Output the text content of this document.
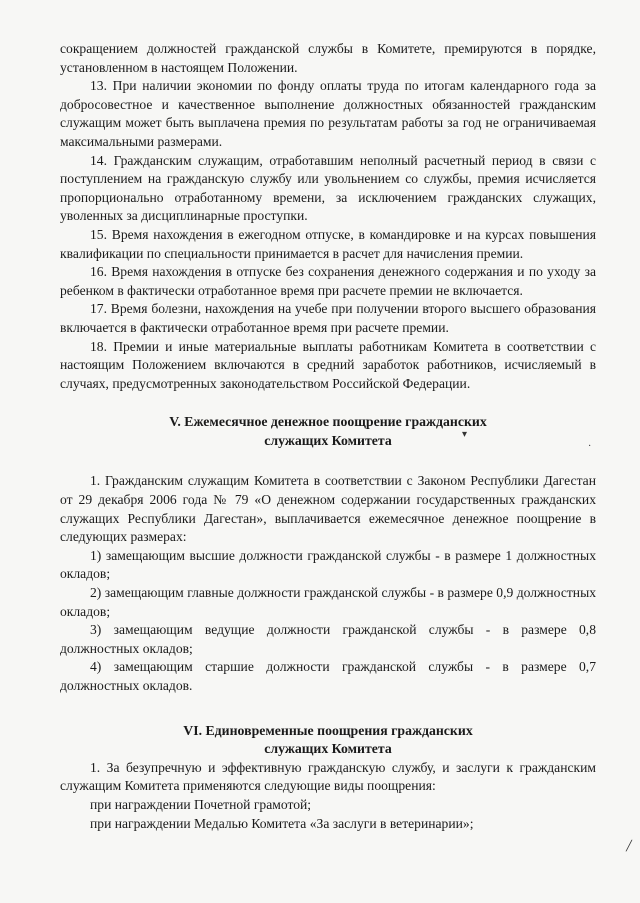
сокращением должностей гражданской службы в Комитете, премируются в порядке, установленном в настоящем Положении.

13. При наличии экономии по фонду оплаты труда по итогам календарного года за добросовестное и качественное выполнение должностных обязанностей гражданским служащим может быть выплачена премия по результатам работы за год не ограничиваемая максимальными размерами.

14. Гражданским служащим, отработавшим неполный расчетный период в связи с поступлением на гражданскую службу или увольнением со службы, премия исчисляется пропорционально отработанному времени, за исключением гражданских служащих, уволенных за дисциплинарные проступки.

15. Время нахождения в ежегодном отпуске, в командировке и на курсах повышения квалификации по специальности принимается в расчет для начисления премии.

16. Время нахождения в отпуске без сохранения денежного содержания и по уходу за ребенком в фактически отработанное время при расчете премии не включается.

17. Время болезни, нахождения на учебе при получении второго высшего образования включается в фактически отработанное время при расчете премии.

18. Премии и иные материальные выплаты работникам Комитета в соответствии с настоящим Положением включаются в средний заработок работников, исчисляемый в случаях, предусмотренных законодательством Российской Федерации.

V. Ежемесячное денежное поощрение гражданских
служащих Комитета

1. Гражданским служащим Комитета в соответствии с Законом Республики Дагестан от 29 декабря 2006 года № 79 «О денежном содержании государственных гражданских служащих Республики Дагестан», выплачивается ежемесячное денежное поощрение в следующих размерах:

1) замещающим высшие должности гражданской службы - в размере 1 должностных окладов;

2) замещающим главные должности гражданской службы - в размере 0,9 должностных окладов;

3) замещающим ведущие должности гражданской службы - в размере 0,8 должностных окладов;

4) замещающим старшие должности гражданской службы - в размере 0,7 должностных окладов.

VI. Единовременные поощрения гражданских
служащих Комитета

1. За безупречную и эффективную гражданскую службу, и заслуги к гражданским служащим Комитета применяются следующие виды поощрения:

при награждении Почетной грамотой;

при награждении Медалью Комитета «За заслуги в ветеринарии»;

▾
·
╱
